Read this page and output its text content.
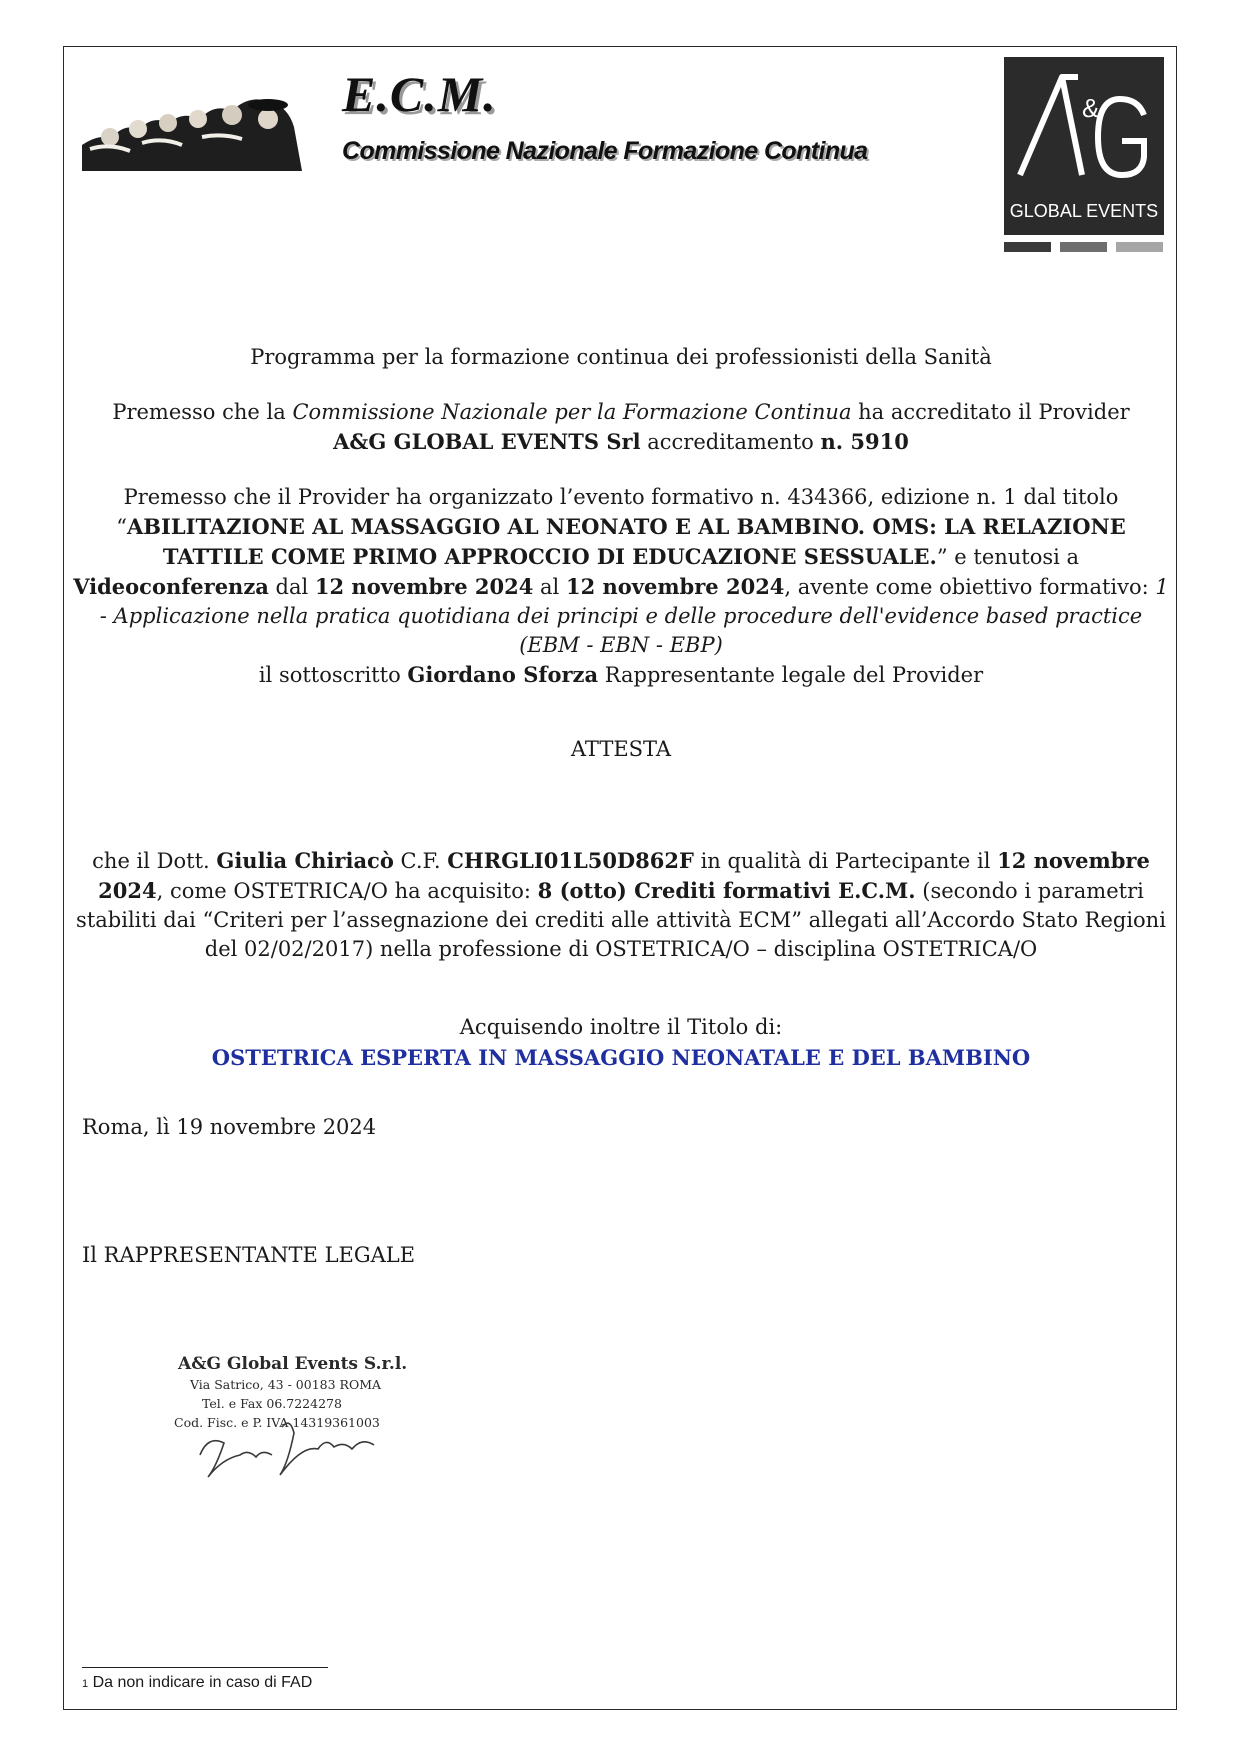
E.C.M.

Commissione Nazionale Formazione Continua

&
GLOBAL EVENTS

Programma per la formazione continua dei professionisti della Sanità

Premesso che la Commissione Nazionale per la Formazione Continua ha accreditato il Provider
A&G GLOBAL EVENTS Srl accreditamento n. 5910

Premesso che il Provider ha organizzato l’evento formativo n. 434366, edizione n. 1 dal titolo
“ABILITAZIONE AL MASSAGGIO AL NEONATO E AL BAMBINO. OMS: LA RELAZIONE TATTILE COME PRIMO APPROCCIO DI EDUCAZIONE SESSUALE.” e tenutosi a Videoconferenza dal 12 novembre 2024 al 12 novembre 2024, avente come obiettivo formativo: 1 - Applicazione nella pratica quotidiana dei principi e delle procedure dell'evidence based practice (EBM - EBN - EBP)
il sottoscritto Giordano Sforza Rappresentante legale del Provider

ATTESTA

che il Dott. Giulia Chiriacò C.F. CHRGLI01L50D862F in qualità di Partecipante il 12 novembre 2024, come OSTETRICA/O ha acquisito: 8 (otto) Crediti formativi E.C.M. (secondo i parametri stabiliti dai “Criteri per l’assegnazione dei crediti alle attività ECM” allegati all’Accordo Stato Regioni del 02/02/2017) nella professione di OSTETRICA/O – disciplina OSTETRICA/O

Acquisendo inoltre il Titolo di:

OSTETRICA ESPERTA IN MASSAGGIO NEONATALE E DEL BAMBINO

Roma, lì 19 novembre 2024

Il RAPPRESENTANTE LEGALE

A&G Global Events S.r.l.
Via Satrico, 43 - 00183 ROMA
Tel. e Fax 06.7224278
Cod. Fisc. e P. IVA 14319361003

1 Da non indicare in caso di FAD
